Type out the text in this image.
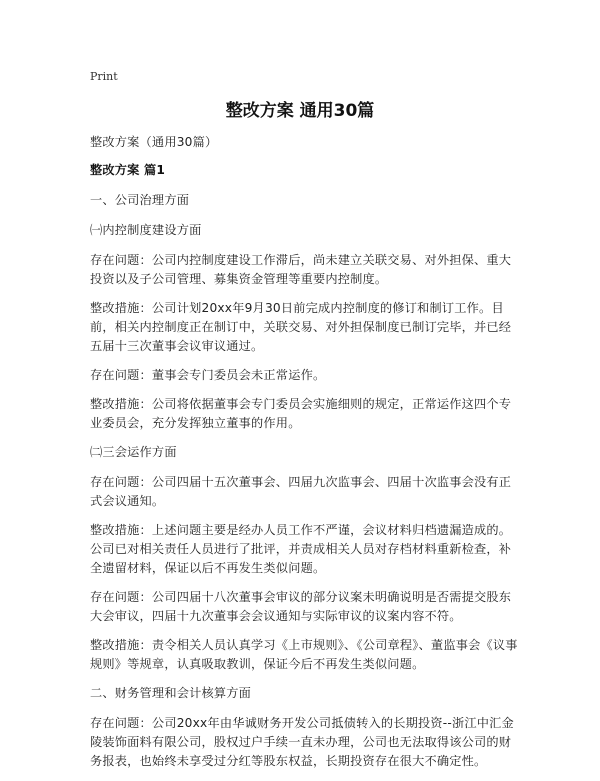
Print
整改方案 通用30篇

整改方案（通用30篇）

整改方案 篇1

一、公司治理方面

㈠内控制度建设方面

存在问题：公司内控制度建设工作滞后，尚未建立关联交易、对外担保、重大投资以及子公司管理、募集资金管理等重要内控制度。

整改措施：公司计划20xx年9月30日前完成内控制度的修订和制订工作。目前，相关内控制度正在制订中，关联交易、对外担保制度已制订完毕，并已经五届十三次董事会议审议通过。

存在问题：董事会专门委员会未正常运作。

整改措施：公司将依据董事会专门委员会实施细则的规定，正常运作这四个专业委员会，充分发挥独立董事的作用。

㈡三会运作方面

存在问题：公司四届十五次董事会、四届九次监事会、四届十次监事会没有正式会议通知。

整改措施：上述问题主要是经办人员工作不严谨，会议材料归档遗漏造成的。公司已对相关责任人员进行了批评，并责成相关人员对存档材料重新检查，补全遗留材料，保证以后不再发生类似问题。

存在问题：公司四届十八次董事会审议的部分议案未明确说明是否需提交股东大会审议，四届十九次董事会会议通知与实际审议的议案内容不符。

整改措施：责令相关人员认真学习《上市规则》、《公司章程》、董监事会《议事规则》等规章，认真吸取教训，保证今后不再发生类似问题。

二、财务管理和会计核算方面

存在问题：公司20xx年由华诚财务开发公司抵债转入的长期投资--浙江中汇金陵装饰面料有限公司，股权过户手续一直未办理，公司也无法取得该公司的财务报表，也始终未享受过分红等股东权益，长期投资存在很大不确定性。
